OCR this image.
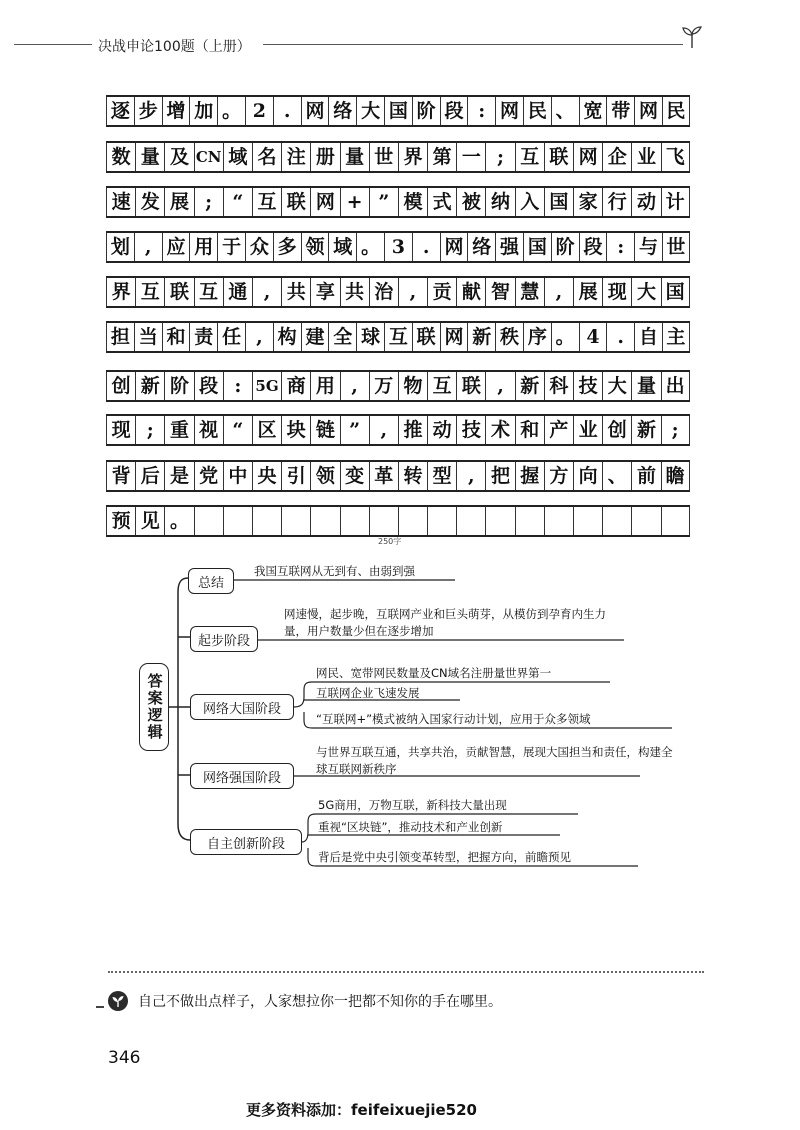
决战申论100题（上册）
逐 步 增 加 。 2 . 网 络 大 国 阶 段 : 网 民 、 宽 带 网 民
数 量 及 CN 域 名 注 册 量 世 界 第 一 ; 互 联 网 企 业 飞
速 发 展 ;	“ 互 联 网 + ” 模 式 被 纳 入 国 家 行 动 计
划 , 应 用 于 众 多 领 域 。 3 . 网 络 强 国 阶 段 : 与 世
界 互 联 互 通 , 共 享 共 治 , 贡 献 智 慧 , 展 现 大 国
担 当 和 责 任 , 构 建 全 球 互 联 网 新 秩 序 。 4 . 自 主
创 新 阶 段 : 5G 商 用 , 万 物 互 联 , 新 科 技 大 量 出
现 ; 重 视 “ 区 块 链 ”	, 推 动 技 术 和 产 业 创 新 ;
背 后 是 党 中 央 引 领 变 革 转 型 , 把 握 方 向 、 前 瞻
预 见 。
250字
答案逻辑
总结
我国互联网从无到有、由弱到强
起步阶段
网速慢，起步晚，互联网产业和巨头萌芽，从模仿到孕育内生力量，用户数量少但在逐步增加
网络大国阶段
网民、宽带网民数量及CN域名注册量世界第一
互联网企业飞速发展
“互联网+”模式被纳入国家行动计划，应用于众多领域
网络强国阶段
与世界互联互通，共享共治，贡献智慧，展现大国担当和责任，构建全球互联网新秩序
自主创新阶段
5G商用，万物互联，新科技大量出现
重视“区块链”，推动技术和产业创新
背后是党中央引领变革转型，把握方向，前瞻预见
自己不做出点样子，人家想拉你一把都不知你的手在哪里。
346
更多资料添加：feifeixuejie520
